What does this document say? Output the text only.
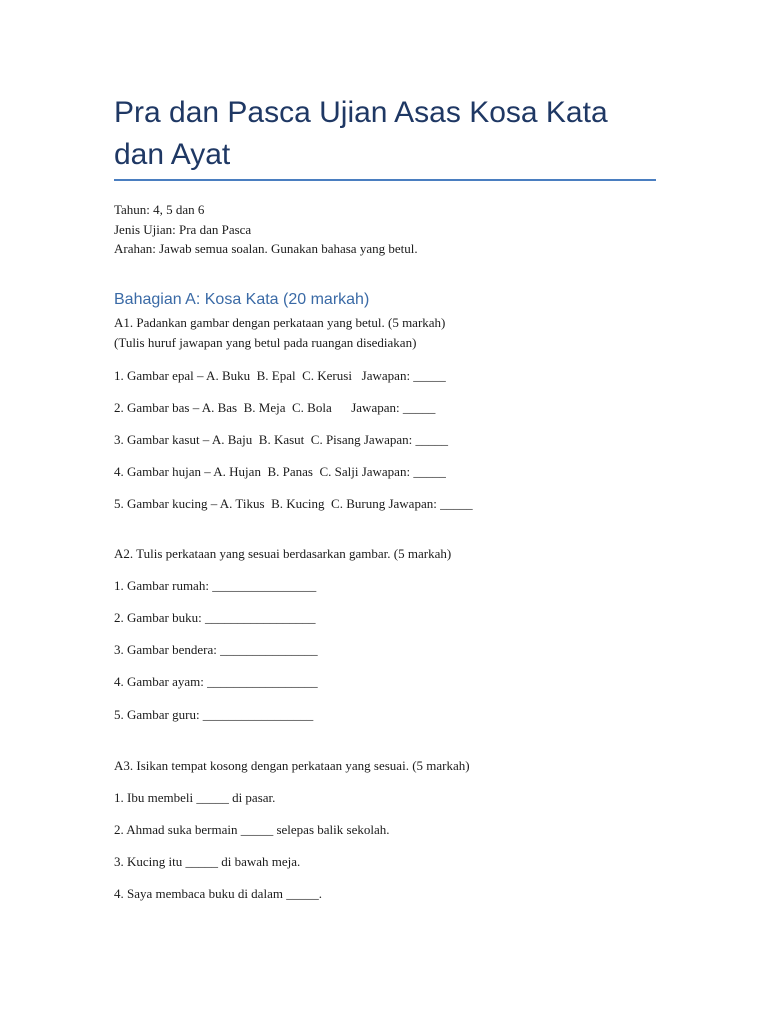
Pra dan Pasca Ujian Asas Kosa Kata dan Ayat
Tahun: 4, 5 dan 6
Jenis Ujian: Pra dan Pasca
Arahan: Jawab semua soalan. Gunakan bahasa yang betul.
Bahagian A: Kosa Kata (20 markah)
A1. Padankan gambar dengan perkataan yang betul. (5 markah)
(Tulis huruf jawapan yang betul pada ruangan disediakan)
1. Gambar epal – A. Buku  B. Epal  C. Kerusi   Jawapan: _____
2. Gambar bas – A. Bas  B. Meja  C. Bola      Jawapan: _____
3. Gambar kasut – A. Baju  B. Kasut  C. Pisang Jawapan: _____
4. Gambar hujan – A. Hujan  B. Panas  C. Salji Jawapan: _____
5. Gambar kucing – A. Tikus  B. Kucing  C. Burung Jawapan: _____
A2. Tulis perkataan yang sesuai berdasarkan gambar. (5 markah)
1. Gambar rumah: ________________
2. Gambar buku: _________________
3. Gambar bendera: _______________
4. Gambar ayam: _________________
5. Gambar guru: _________________
A3. Isikan tempat kosong dengan perkataan yang sesuai. (5 markah)
1. Ibu membeli _____ di pasar.
2. Ahmad suka bermain _____ selepas balik sekolah.
3. Kucing itu _____ di bawah meja.
4. Saya membaca buku di dalam _____.
